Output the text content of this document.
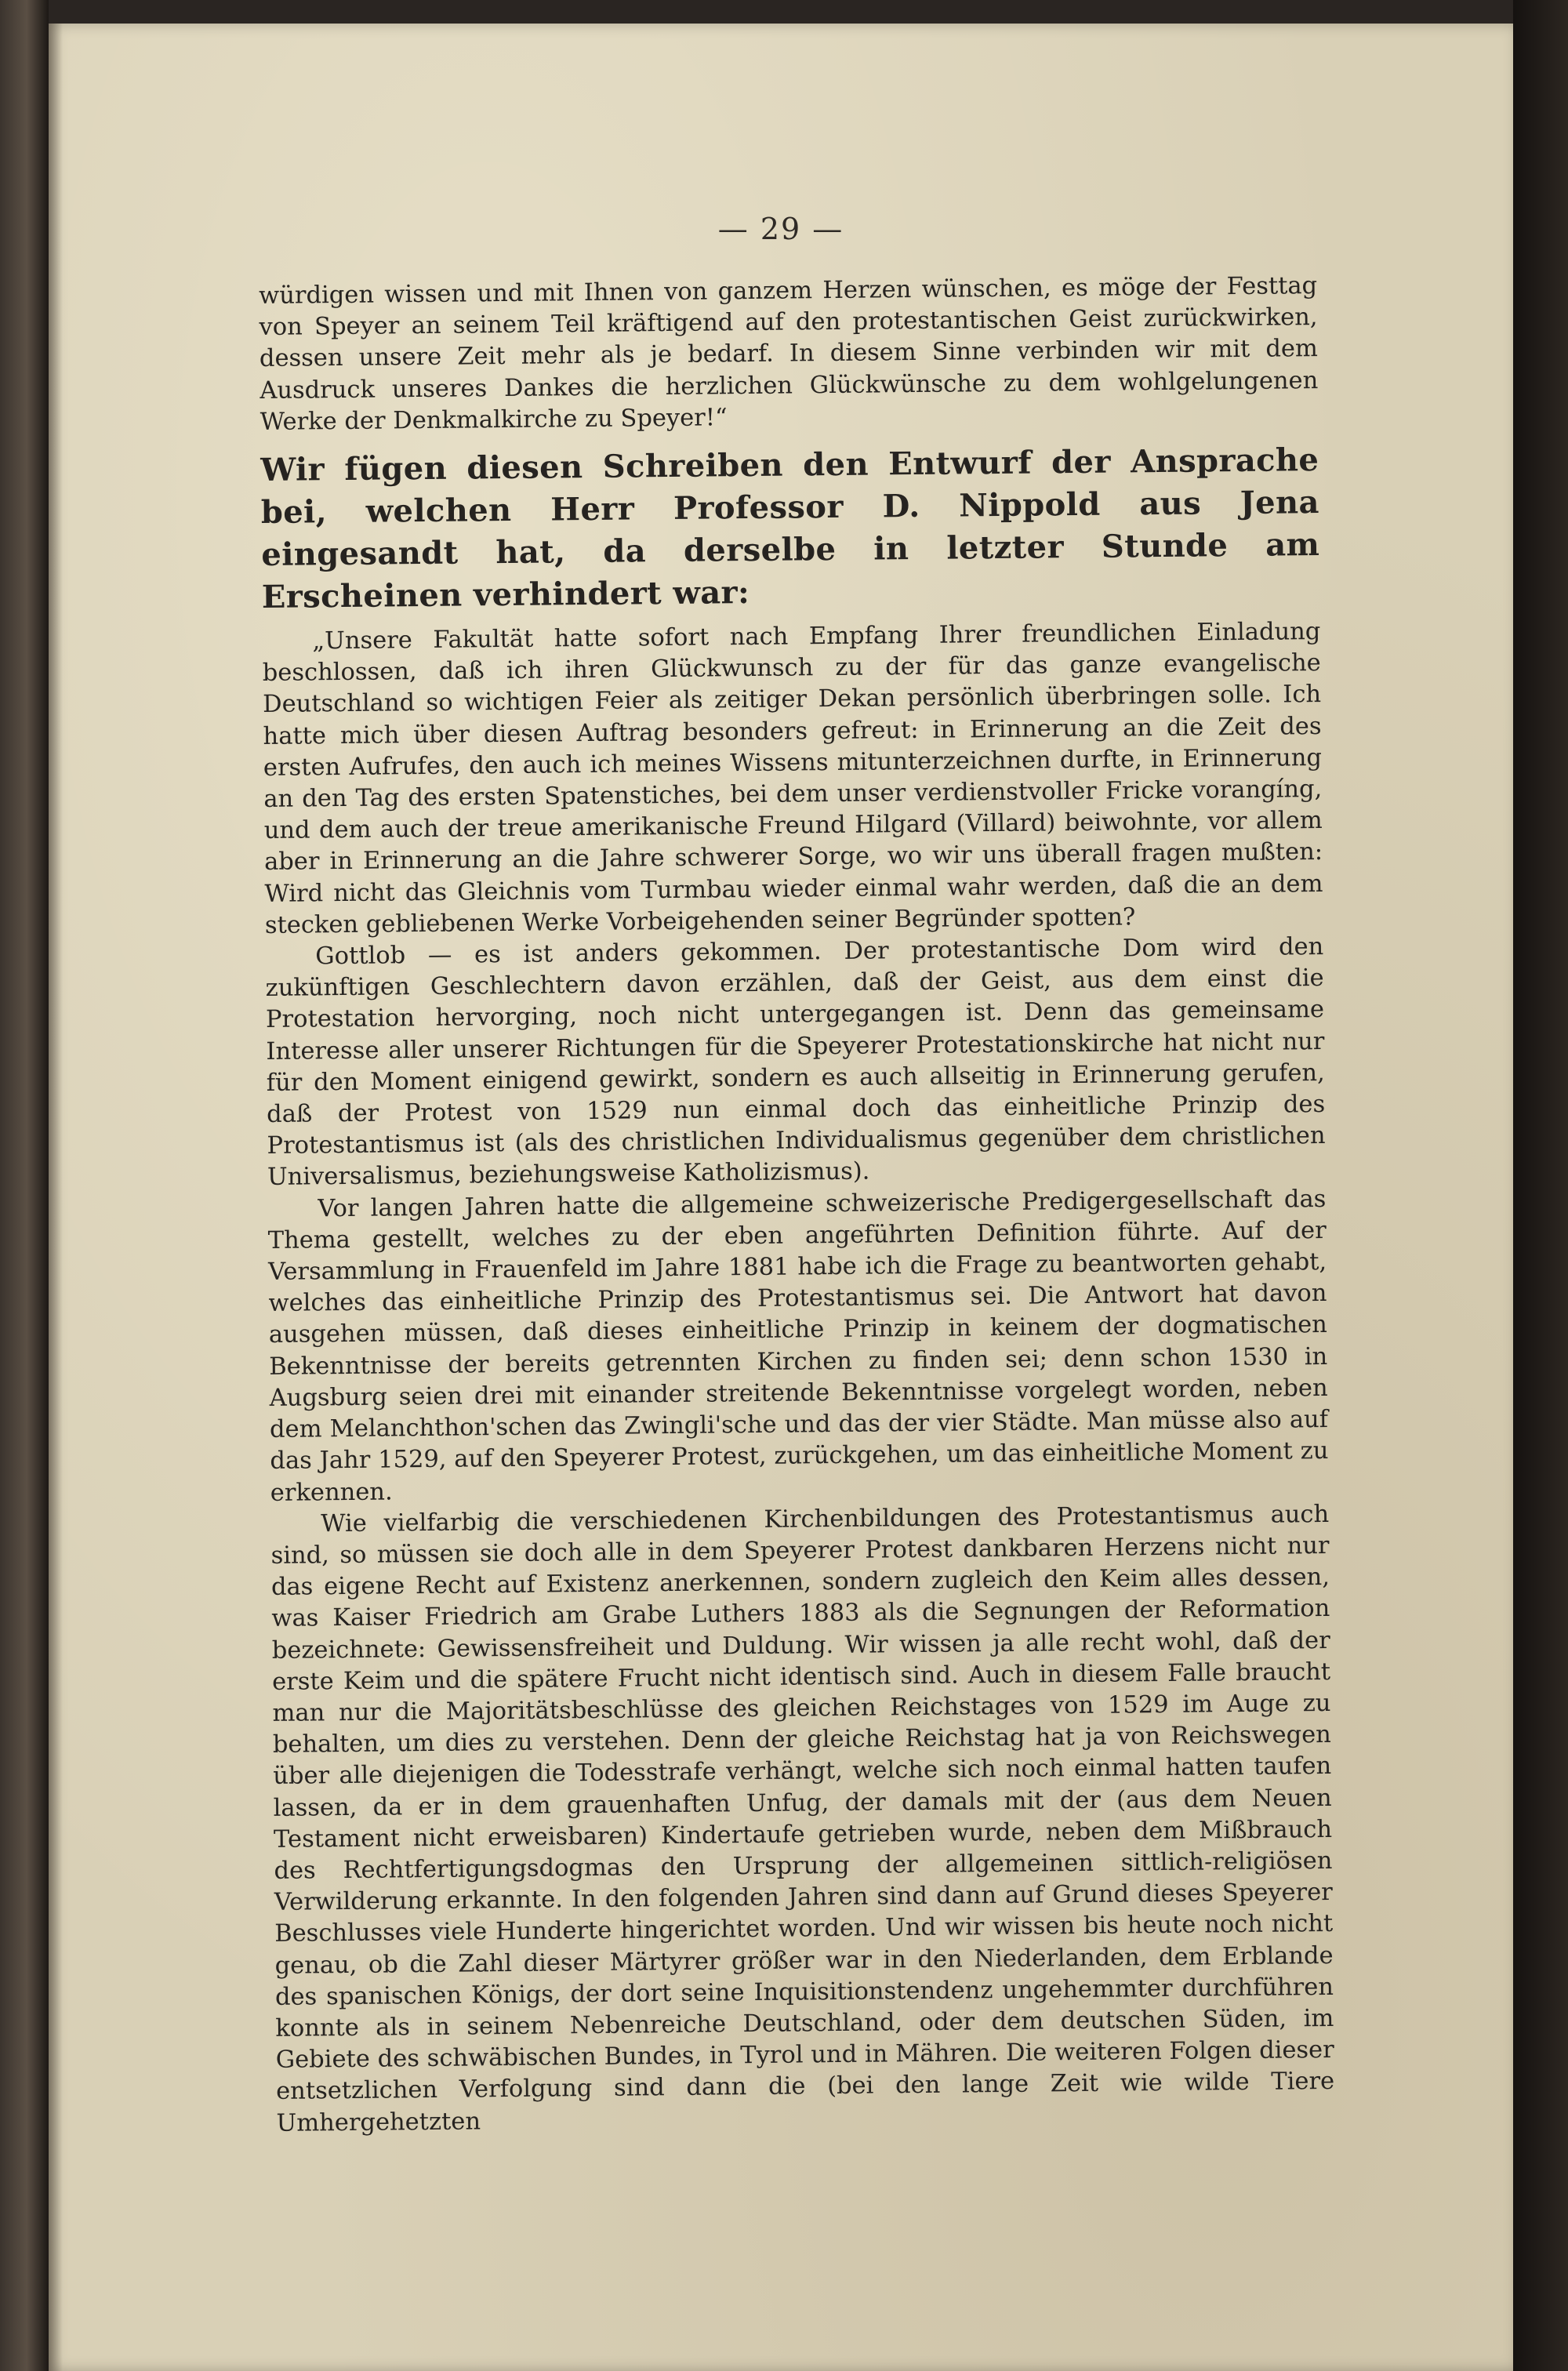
— 29 —

würdigen wissen und mit Ihnen von ganzem Herzen wünschen, es möge der Festtag von Speyer an seinem Teil kräftigend auf den protestantischen Geist zurückwirken, dessen unsere Zeit mehr als je bedarf. In diesem Sinne verbinden wir mit dem Ausdruck unseres Dankes die herzlichen Glückwünsche zu dem wohlgelungenen Werke der Denkmalkirche zu Speyer!“

Wir fügen diesen Schreiben den Entwurf der Ansprache bei, welchen Herr Professor D. Nippold aus Jena eingesandt hat, da derselbe in letzter Stunde am Erscheinen verhindert war:

„Unsere Fakultät hatte sofort nach Empfang Ihrer freundlichen Einladung beschlossen, daß ich ihren Glückwunsch zu der für das ganze evangelische Deutschland so wichtigen Feier als zeitiger Dekan persönlich überbringen solle. Ich hatte mich über diesen Auftrag besonders gefreut: in Erinnerung an die Zeit des ersten Aufrufes, den auch ich meines Wissens mitunterzeichnen durfte, in Erinnerung an den Tag des ersten Spatenstiches, bei dem unser verdienstvoller Fricke vorangíng, und dem auch der treue amerikanische Freund Hilgard (Villard) beiwohnte, vor allem aber in Erinnerung an die Jahre schwerer Sorge, wo wir uns überall fragen mußten: Wird nicht das Gleichnis vom Turmbau wieder einmal wahr werden, daß die an dem stecken gebliebenen Werke Vorbeigehenden seiner Begründer spotten?

Gottlob — es ist anders gekommen. Der protestantische Dom wird den zukünftigen Geschlechtern davon erzählen, daß der Geist, aus dem einst die Protestation hervorging, noch nicht untergegangen ist. Denn das gemeinsame Interesse aller unserer Richtungen für die Speyerer Protestationskirche hat nicht nur für den Moment einigend gewirkt, sondern es auch allseitig in Erinnerung gerufen, daß der Protest von 1529 nun einmal doch das einheitliche Prinzip des Protestantismus ist (als des christlichen Individualismus gegenüber dem christlichen Universalismus, beziehungsweise Katholizismus).

Vor langen Jahren hatte die allgemeine schweizerische Predigergesellschaft das Thema gestellt, welches zu der eben angeführten Definition führte. Auf der Versammlung in Frauenfeld im Jahre 1881 habe ich die Frage zu beantworten gehabt, welches das einheitliche Prinzip des Protestantismus sei. Die Antwort hat davon ausgehen müssen, daß dieses einheitliche Prinzip in keinem der dogmatischen Bekenntnisse der bereits getrennten Kirchen zu finden sei; denn schon 1530 in Augsburg seien drei mit einander streitende Bekenntnisse vorgelegt worden, neben dem Melanchthon'schen das Zwingli'sche und das der vier Städte. Man müsse also auf das Jahr 1529, auf den Speyerer Protest, zurückgehen, um das einheitliche Moment zu erkennen.

Wie vielfarbig die verschiedenen Kirchenbildungen des Protestantismus auch sind, so müssen sie doch alle in dem Speyerer Protest dankbaren Herzens nicht nur das eigene Recht auf Existenz anerkennen, sondern zugleich den Keim alles dessen, was Kaiser Friedrich am Grabe Luthers 1883 als die Segnungen der Reformation bezeichnete: Gewissensfreiheit und Duldung. Wir wissen ja alle recht wohl, daß der erste Keim und die spätere Frucht nicht identisch sind. Auch in diesem Falle braucht man nur die Majoritätsbeschlüsse des gleichen Reichstages von 1529 im Auge zu behalten, um dies zu verstehen. Denn der gleiche Reichstag hat ja von Reichswegen über alle diejenigen die Todesstrafe verhängt, welche sich noch einmal hatten taufen lassen, da er in dem grauenhaften Unfug, der damals mit der (aus dem Neuen Testament nicht erweisbaren) Kindertaufe getrieben wurde, neben dem Mißbrauch des Rechtfertigungsdogmas den Ursprung der allgemeinen sittlich-religiösen Verwilderung erkannte. In den folgenden Jahren sind dann auf Grund dieses Speyerer Beschlusses viele Hunderte hingerichtet worden. Und wir wissen bis heute noch nicht genau, ob die Zahl dieser Märtyrer größer war in den Niederlanden, dem Erblande des spanischen Königs, der dort seine Inquisitionstendenz ungehemmter durchführen konnte als in seinem Nebenreiche Deutschland, oder dem deutschen Süden, im Gebiete des schwäbischen Bundes, in Tyrol und in Mähren. Die weiteren Folgen dieser entsetzlichen Verfolgung sind dann die (bei den lange Zeit wie wilde Tiere Umhergehetzten
